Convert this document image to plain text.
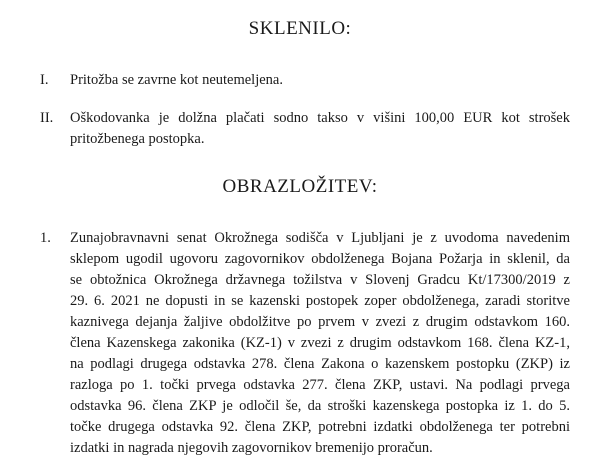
SKLENILO:
I.	Pritožba se zavrne kot neutemeljena.
II.	Oškodovanka je dolžna plačati sodno takso v višini 100,00 EUR kot strošek
pritožbenega postopka.
OBRAZLOŽITEV:
1.	Zunajobravnavni senat Okrožnega sodišča v Ljubljani je z uvodoma navedenim
sklepom ugodil ugovoru zagovornikov obdolženega Bojana Požarja in sklenil, da
se obtožnica Okrožnega državnega tožilstva v Slovenj Gradcu Kt/17300/2019 z
29. 6. 2021 ne dopusti in se kazenski postopek zoper obdolženega, zaradi storitve
kaznivega dejanja žaljive obdolžitve po prvem v zvezi z drugim odstavkom 160.
člena Kazenskega zakonika (KZ-1) v zvezi z drugim odstavkom 168. člena KZ-1,
na podlagi drugega odstavka 278. člena Zakona o kazenskem postopku (ZKP) iz
razloga po 1. točki prvega odstavka 277. člena ZKP, ustavi. Na podlagi prvega
odstavka 96. člena ZKP je odločil še, da stroški kazenskega postopka iz 1. do 5.
točke drugega odstavka 92. člena ZKP, potrebni izdatki obdolženega ter potrebni
izdatki in nagrada njegovih zagovornikov bremenijo proračun.
